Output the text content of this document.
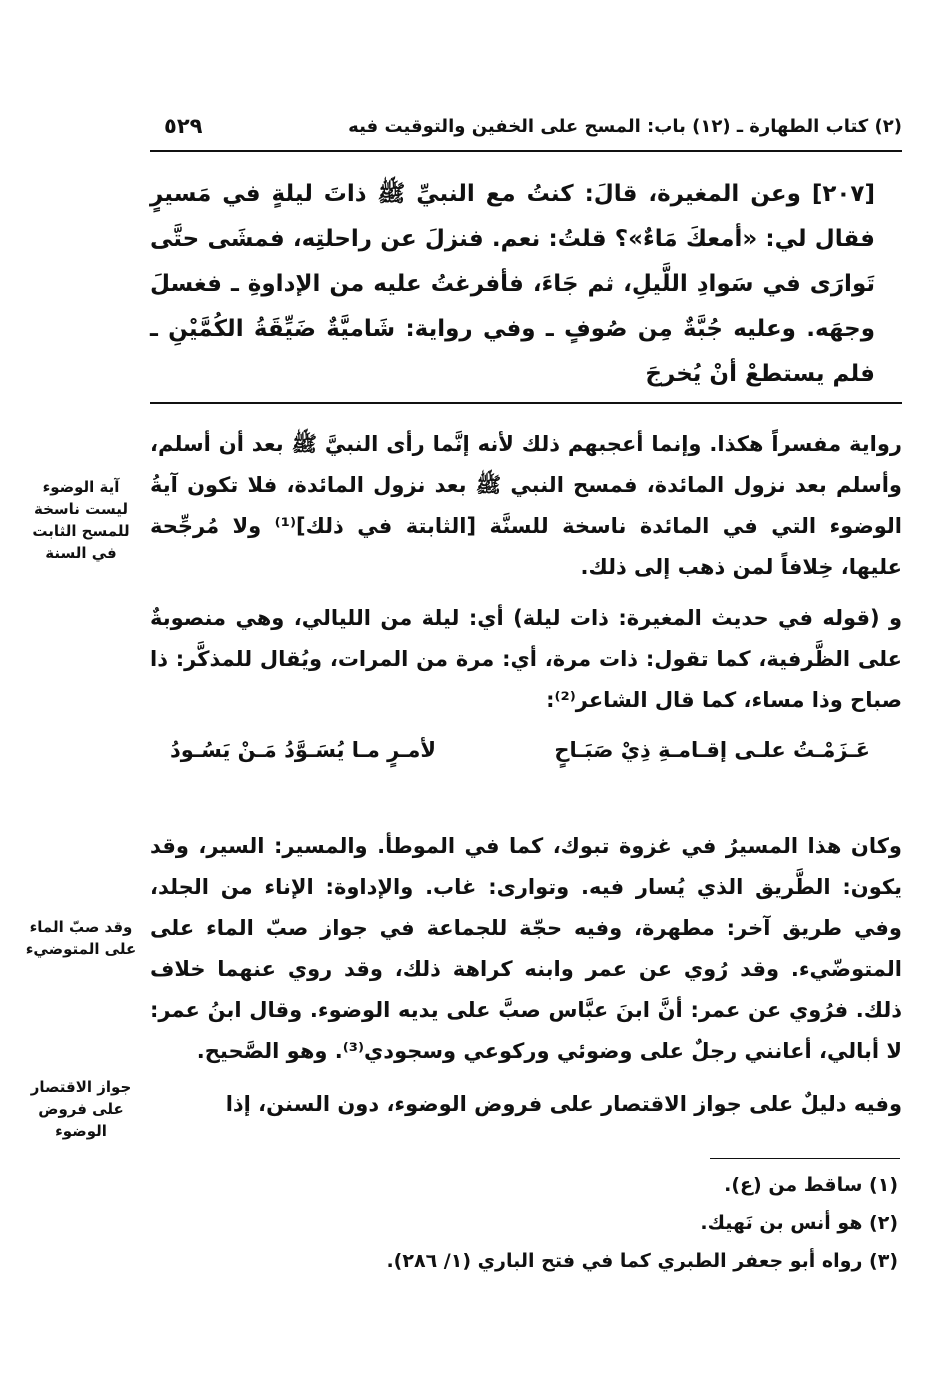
٥٢٩	(٢) كتاب الطهارة ـ (١٢) باب: المسح على الخفين والتوقيت فيه
[٢٠٧] وعن المغيرة، قالَ: كنتُ مع النبيِّ ﷺ ذاتَ ليلةٍ في مَسيرٍ فقال لي: «أمعكَ مَاءٌ»؟ قلتُ: نعم. فنزلَ عن راحلتِه، فمشَى حتَّى تَوارَى في سَوادِ اللَّيلِ، ثم جَاءَ، فأفرغتُ عليه من الإداوةِ ـ فغسلَ وجهَه. وعليه جُبَّةٌ مِن صُوفٍ ـ وفي رواية: شَاميَّةٌ ضَيِّقَةُ الكُمَّيْنِ ـ فلم يستطعْ أنْ يُخرجَ

رواية مفسراً هكذا. وإنما أعجبهم ذلك لأنه إنَّما رأى النبيَّ ﷺ بعد أن أسلم، وأسلم بعد نزول المائدة، فمسح النبي ﷺ بعد نزول المائدة، فلا تكون آيةُ الوضوء التي في المائدة ناسخة للسنَّة [الثابتة في ذلك]⁽¹⁾ ولا مُرجِّحة عليها، خِلافاً لمن ذهب إلى ذلك.

و (قوله في حديث المغيرة: ذات ليلة) أي: ليلة من الليالي، وهي منصوبةٌ على الظَّرفية، كما تقول: ذات مرة، أي: مرة من المرات، ويُقال للمذكَّر: ذا صباح وذا مساء، كما قال الشاعر⁽²⁾:

عَـزَمْـتُ علـى إقـامـةِ ذِيْ صَبَـاحٍ
لأمـرٍ مـا يُسَـوَّدُ مَـنْ يَسُـودُ

وكان هذا المسيرُ في غزوة تبوك، كما في الموطأ. والمسير: السير، وقد يكون: الطَّريق الذي يُسار فيه. وتوارى: غاب. والإداوة: الإناء من الجلد، وفي طريق آخر: مطهرة، وفيه حجّة للجماعة في جواز صبّ الماء على المتوضّيء. وقد رُوي عن عمر وابنه كراهة ذلك، وقد روي عنهما خلاف ذلك. فرُوي عن عمر: أنَّ ابنَ عبَّاس صبَّ على يديه الوضوء. وقال ابنُ عمر: لا أبالي، أعانني رجلٌ على وضوئي وركوعي وسجودي⁽³⁾. وهو الصَّحيح.

وفيه دليلٌ على جواز الاقتصار على فروض الوضوء، دون السنن، إذا

آية الوضوء ليست ناسخة للمسح الثابت في السنة
وقد صبّ الماء على المتوضيء
جواز الاقتصار على فروض الوضوء
(١) ساقط من (ع).
(٢) هو أنس بن نَهيك.
(٣) رواه أبو جعفر الطبري كما في فتح الباري (١/ ٢٨٦).
